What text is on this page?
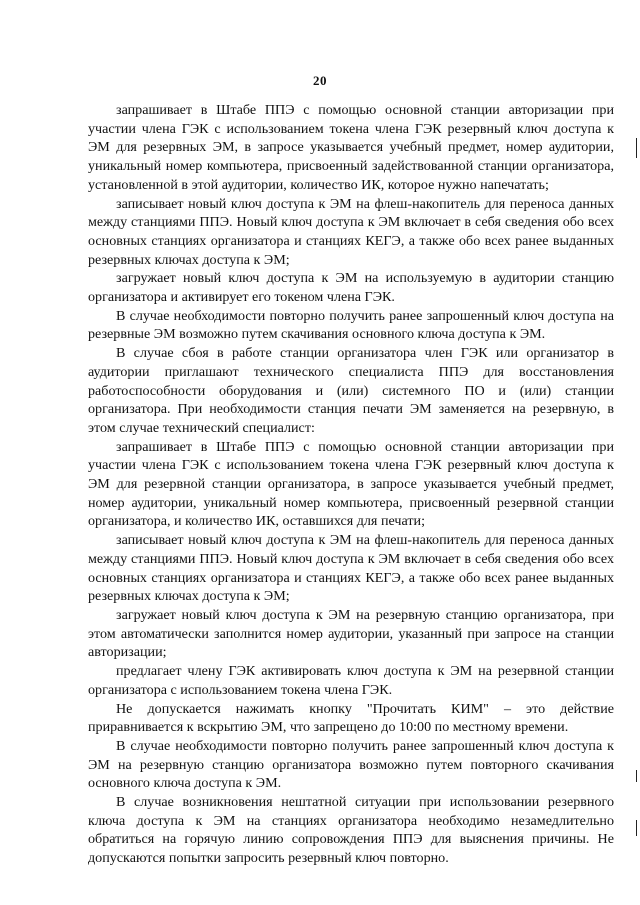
20

запрашивает в Штабе ППЭ с помощью основной станции авторизации при участии члена ГЭК с использованием токена члена ГЭК резервный ключ доступа к ЭМ для резервных ЭМ, в запросе указывается учебный предмет, номер аудитории, уникальный номер компьютера, присвоенный задействованной станции организатора, установленной в этой аудитории, количество ИК, которое нужно напечатать;

записывает новый ключ доступа к ЭМ на флеш-накопитель для переноса данных между станциями ППЭ. Новый ключ доступа к ЭМ включает в себя сведения обо всех основных станциях организатора и станциях КЕГЭ, а также обо всех ранее выданных резервных ключах доступа к ЭМ;

загружает новый ключ доступа к ЭМ на используемую в аудитории станцию организатора и активирует его токеном члена ГЭК.

В случае необходимости повторно получить ранее запрошенный ключ доступа на резервные ЭМ возможно путем скачивания основного ключа доступа к ЭМ.

В случае сбоя в работе станции организатора член ГЭК или организатор в аудитории приглашают технического специалиста ППЭ для восстановления работоспособности оборудования и (или) системного ПО и (или) станции организатора. При необходимости станция печати ЭМ заменяется на резервную, в этом случае технический специалист:

запрашивает в Штабе ППЭ с помощью основной станции авторизации при участии члена ГЭК с использованием токена члена ГЭК резервный ключ доступа к ЭМ для резервной станции организатора, в запросе указывается учебный предмет, номер аудитории, уникальный номер компьютера, присвоенный резервной станции организатора, и количество ИК, оставшихся для печати;

записывает новый ключ доступа к ЭМ на флеш-накопитель для переноса данных между станциями ППЭ. Новый ключ доступа к ЭМ включает в себя сведения обо всех основных станциях организатора и станциях КЕГЭ, а также обо всех ранее выданных резервных ключах доступа к ЭМ;

загружает новый ключ доступа к ЭМ на резервную станцию организатора, при этом автоматически заполнится номер аудитории, указанный при запросе на станции авторизации;

предлагает члену ГЭК активировать ключ доступа к ЭМ на резервной станции организатора с использованием токена члена ГЭК.

Не допускается нажимать кнопку "Прочитать КИМ" – это действие приравнивается к вскрытию ЭМ, что запрещено до 10:00 по местному времени.

В случае необходимости повторно получить ранее запрошенный ключ доступа к ЭМ на резервную станцию организатора возможно путем повторного скачивания основного ключа доступа к ЭМ.

В случае возникновения нештатной ситуации при использовании резервного ключа доступа к ЭМ на станциях организатора необходимо незамедлительно обратиться на горячую линию сопровождения ППЭ для выяснения причины. Не допускаются попытки запросить резервный ключ повторно.
